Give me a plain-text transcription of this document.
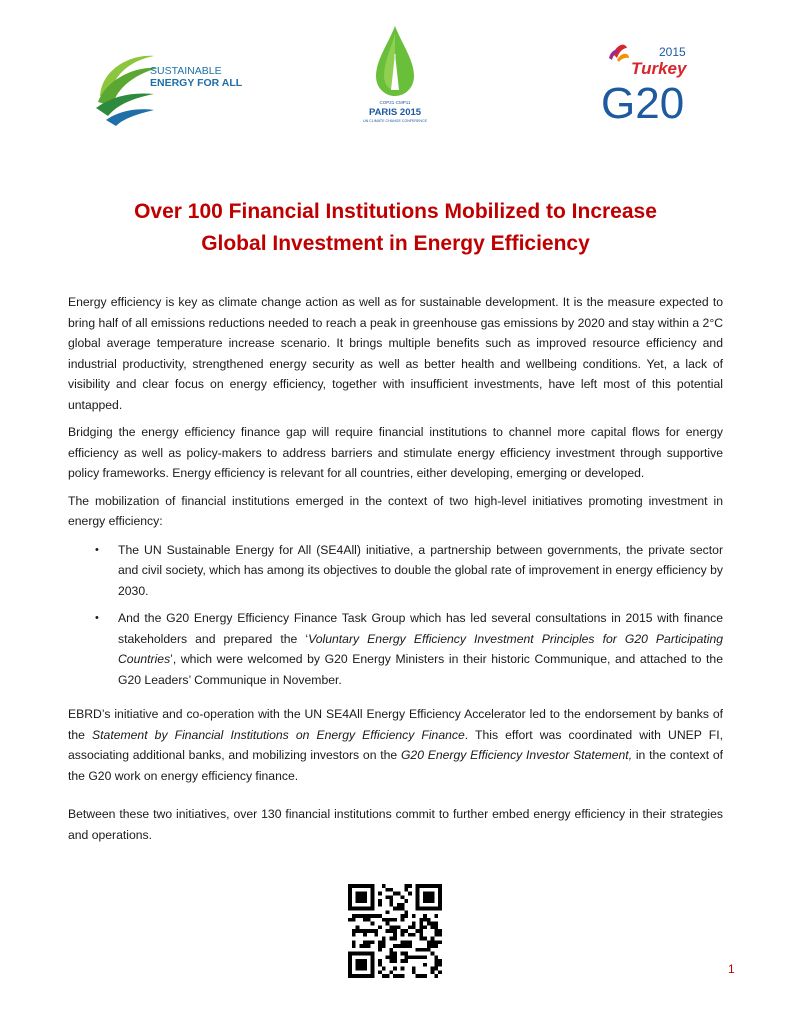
SUSTAINABLE
ENERGY FOR ALL
COP21·CMP11
PARIS 2015
UN CLIMATE CHANGE CONFERENCE
2015
Turkey
G20
Over 100 Financial Institutions Mobilized to Increase
Global Investment in Energy Efficiency

Energy efficiency is key as climate change action as well as for sustainable development. It is the measure expected to bring half of all emissions reductions needed to reach a peak in greenhouse gas emissions by 2020 and stay within a 2°C global average temperature increase scenario. It brings multiple benefits such as improved resource efficiency and industrial productivity, strengthened energy security as well as better health and wellbeing conditions. Yet, a lack of visibility and clear focus on energy efficiency, together with insufficient investments, have left most of this potential untapped.

Bridging the energy efficiency finance gap will require financial institutions to channel more capital flows for energy efficiency as well as policy-makers to address barriers and stimulate energy efficiency investment through supportive policy frameworks. Energy efficiency is relevant for all countries, either developing, emerging or developed.

The mobilization of financial institutions emerged in the context of two high-level initiatives promoting investment in energy efficiency:

•
The UN Sustainable Energy for All (SE4All) initiative, a partnership between governments, the private sector and civil society, which has among its objectives to double the global rate of improvement in energy efficiency by 2030.
•
And the G20 Energy Efficiency Finance Task Group which has led several consultations in 2015 with finance stakeholders and prepared the ‘Voluntary Energy Efficiency Investment Principles for G20 Participating Countries’, which were welcomed by G20 Energy Ministers in their historic Communique, and attached to the G20 Leaders’ Communique in November.

EBRD’s initiative and co-operation with the UN SE4All Energy Efficiency Accelerator led to the endorsement by banks of the Statement by Financial Institutions on Energy Efficiency Finance. This effort was coordinated with UNEP FI, associating additional banks, and mobilizing investors on the G20 Energy Efficiency Investor Statement, in the context of the G20 work on energy efficiency finance.

Between these two initiatives, over 130 financial institutions commit to further embed energy efficiency in their strategies and operations.

1
